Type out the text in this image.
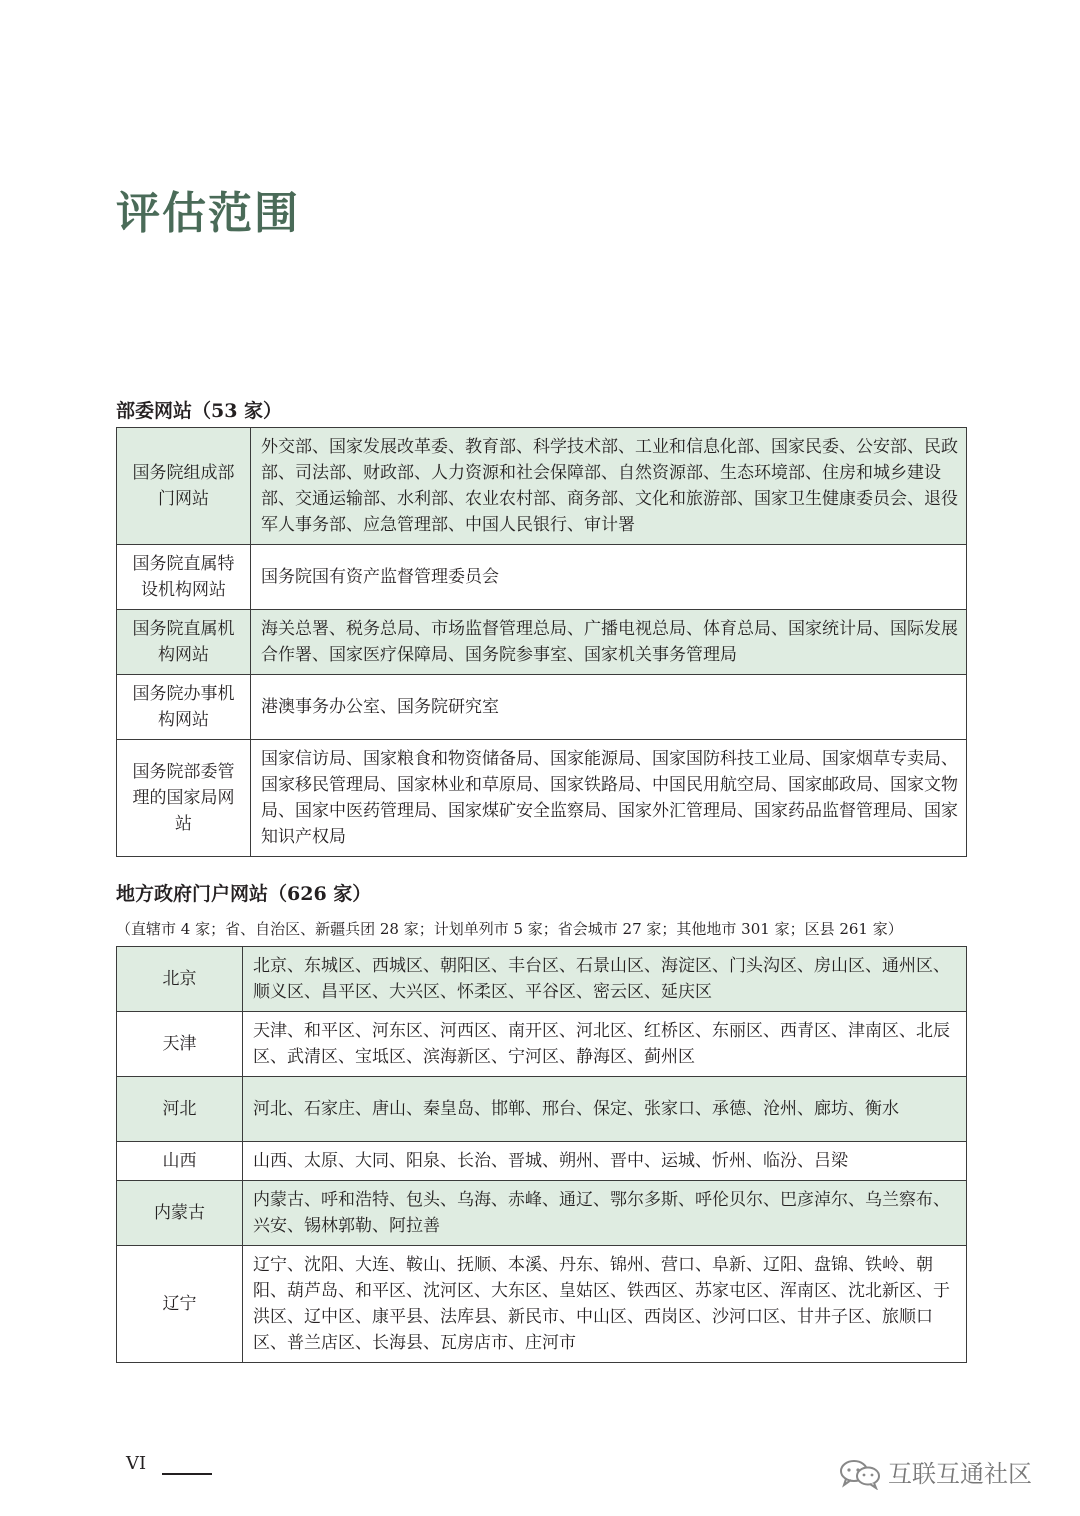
评估范围
部委网站（53 家）
国务院组成部门网站	外交部、国家发展改革委、教育部、科学技术部、工业和信息化部、国家民委、公安部、民政部、司法部、财政部、人力资源和社会保障部、自然资源部、生态环境部、住房和城乡建设部、交通运输部、水利部、农业农村部、商务部、文化和旅游部、国家卫生健康委员会、退役军人事务部、应急管理部、中国人民银行、审计署
国务院直属特设机构网站	国务院国有资产监督管理委员会
国务院直属机构网站	海关总署、税务总局、市场监督管理总局、广播电视总局、体育总局、国家统计局、国际发展合作署、国家医疗保障局、国务院参事室、国家机关事务管理局
国务院办事机构网站	港澳事务办公室、国务院研究室
国务院部委管理的国家局网站	国家信访局、国家粮食和物资储备局、国家能源局、国家国防科技工业局、国家烟草专卖局、国家移民管理局、国家林业和草原局、国家铁路局、中国民用航空局、国家邮政局、国家文物局、国家中医药管理局、国家煤矿安全监察局、国家外汇管理局、国家药品监督管理局、国家知识产权局
地方政府门户网站（626 家）
（直辖市 4 家；省、自治区、新疆兵团 28 家；计划单列市 5 家；省会城市 27 家；其他地市 301 家；区县 261 家）
北京	北京、东城区、西城区、朝阳区、丰台区、石景山区、海淀区、门头沟区、房山区、通州区、顺义区、昌平区、大兴区、怀柔区、平谷区、密云区、延庆区
天津	天津、和平区、河东区、河西区、南开区、河北区、红桥区、东丽区、西青区、津南区、北辰区、武清区、宝坻区、滨海新区、宁河区、静海区、蓟州区
河北	河北、石家庄、唐山、秦皇岛、邯郸、邢台、保定、张家口、承德、沧州、廊坊、衡水
山西	山西、太原、大同、阳泉、长治、晋城、朔州、晋中、运城、忻州、临汾、吕梁
内蒙古	内蒙古、呼和浩特、包头、乌海、赤峰、通辽、鄂尔多斯、呼伦贝尔、巴彦淖尔、乌兰察布、兴安、锡林郭勒、阿拉善
辽宁	辽宁、沈阳、大连、鞍山、抚顺、本溪、丹东、锦州、营口、阜新、辽阳、盘锦、铁岭、朝阳、葫芦岛、和平区、沈河区、大东区、皇姑区、铁西区、苏家屯区、浑南区、沈北新区、于洪区、辽中区、康平县、法库县、新民市、中山区、西岗区、沙河口区、甘井子区、旅顺口区、普兰店区、长海县、瓦房店市、庄河市
VI	互联互通社区
